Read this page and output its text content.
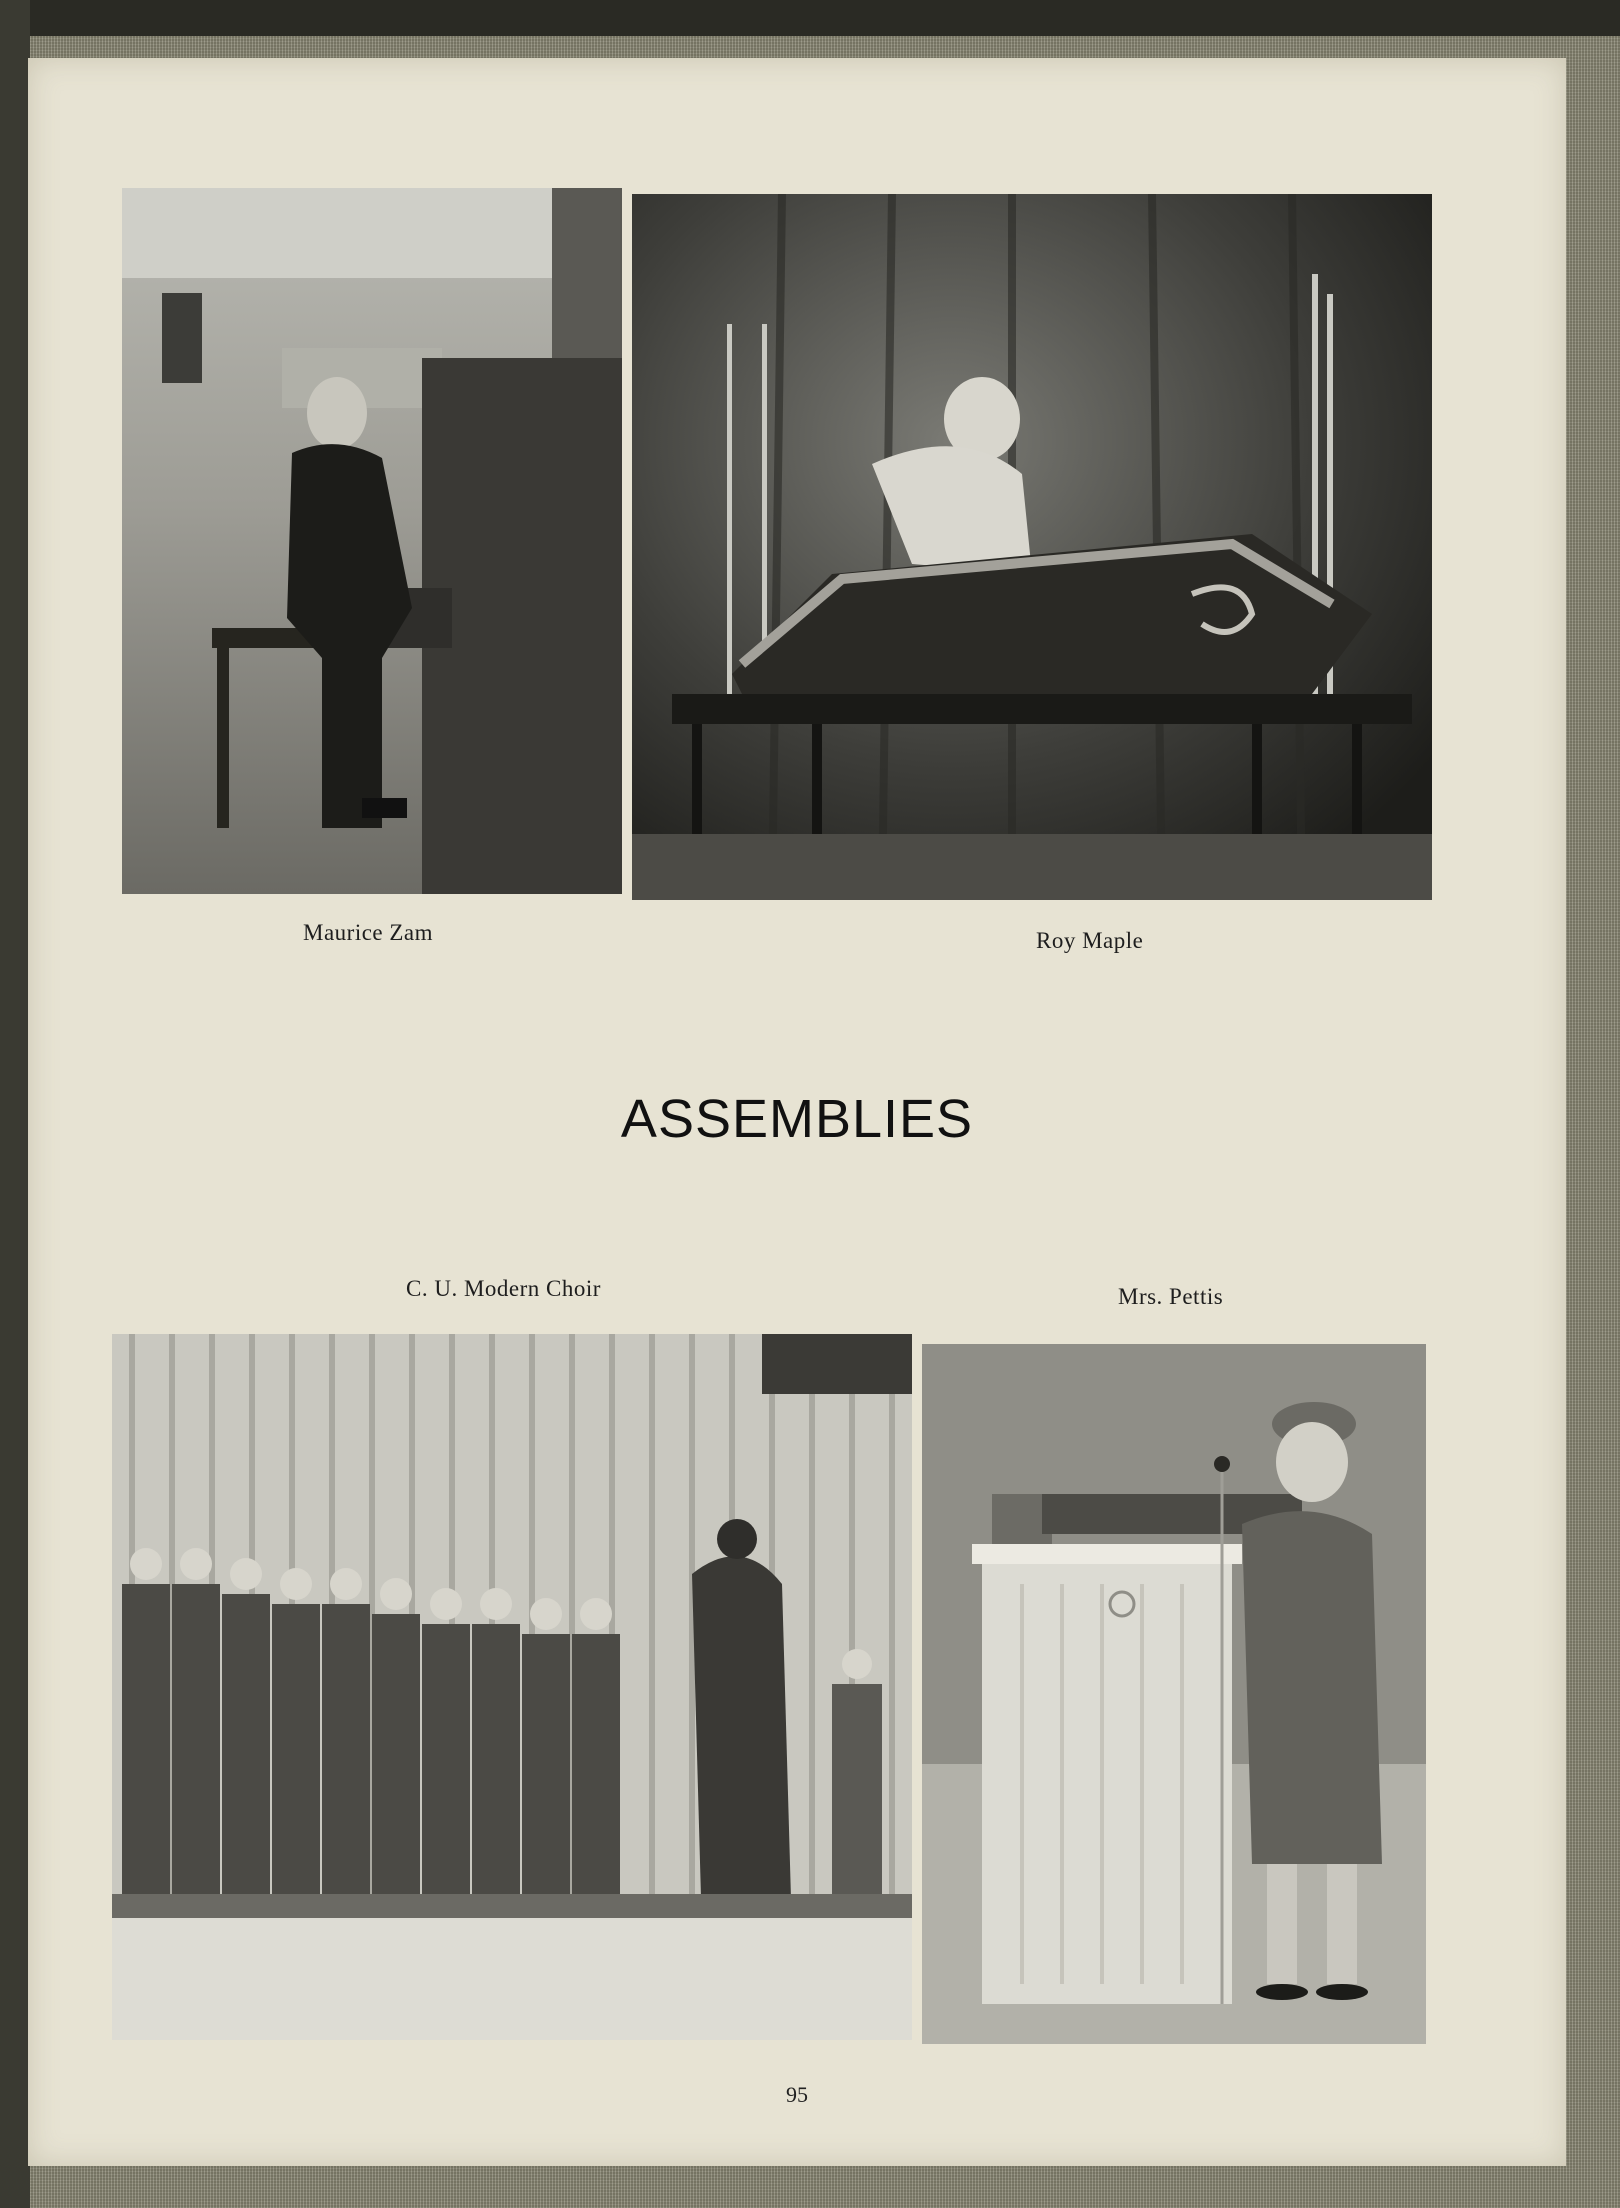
Maurice Zam	Roy Maple
ASSEMBLIES
C. U. Modern Choir	Mrs. Pettis
95
